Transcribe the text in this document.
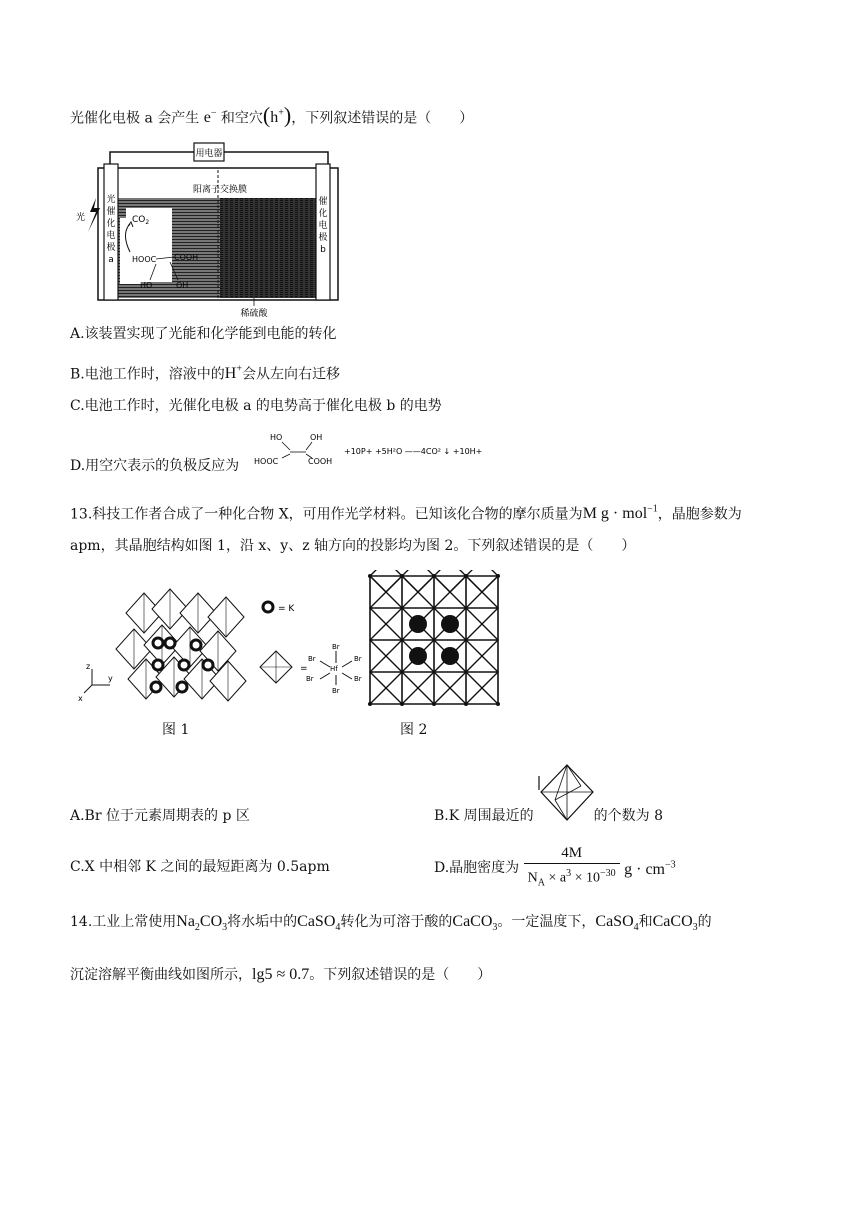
光催化电极 a 会产生 e− 和空穴(h+)，下列叙述错误的是（　　）
用电器
阳离子交换膜
光
催
化
电
极
a
催
化
电
极
b
光	$CO_2$
HOOC COOH
HO	OH
稀硫酸
A.该装置实现了光能和化学能到电能的转化
B.电池工作时，溶液中的H+会从左向右迁移
C.电池工作时，光催化电极 a 的电势高于催化电极 b 的电势
D.用空穴表示的负极反应为
HO	OH
HOOC	COOH
+10P+ +5H²O ——4CO² ↓ +10H+
13.科技工作者合成了一种化合物 X，可用作光学材料。已知该化合物的摩尔质量为M g · mol$^{-1}$，晶胞参数为
apm，其晶胞结构如图 1，沿 x、y、z 轴方向的投影均为图 2。下列叙述错误的是（　　）
= K
=
Br
Br	Br
Hf
Br	Br
Br
z
y
x
图 1	图 2
A.Br 位于元素周期表的 p 区	B.K 周围最近的	的个数为 8
C.X 中相邻 K 之间的最短距离为 0.5apm	D.晶胞密度为 $\frac{4M}{N_A \times a^3 \times 10^{-30}}$ $g \cdot cm^{-3}$
14.工业上常使用$Na_2CO_3$将水垢中的CaSO$_4$转化为可溶于酸的CaCO$_3$。一定温度下，CaSO$_4$和CaCO$_3$的
沉淀溶解平衡曲线如图所示，lg5 ≈ 0.7。下列叙述错误的是（　　）
